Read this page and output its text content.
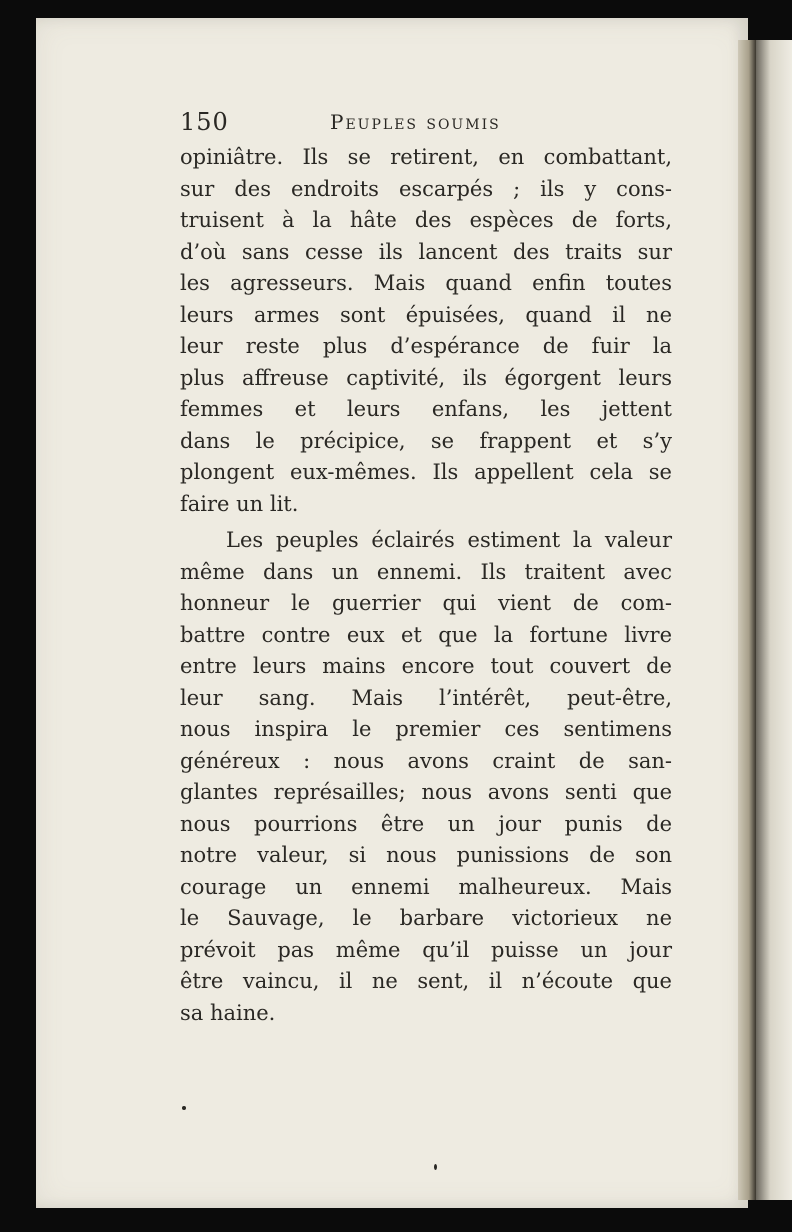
150	Peuples soumis
opiniâtre. Ils se retirent, en combattant,
sur des endroits escarpés ; ils y cons-
truisent à la hâte des espèces de forts,
d’où sans cesse ils lancent des traits sur
les agresseurs. Mais quand enfin toutes
leurs armes sont épuisées, quand il ne
leur reste plus d’espérance de fuir la
plus affreuse captivité, ils égorgent leurs
femmes et leurs enfans, les jettent
dans le précipice, se frappent et s’y
plongent eux-mêmes. Ils appellent cela se
faire un lit.
Les peuples éclairés estiment la valeur
même dans un ennemi. Ils traitent avec
honneur le guerrier qui vient de com-
battre contre eux et que la fortune livre
entre leurs mains encore tout couvert de
leur sang. Mais l’intérêt, peut-être,
nous inspira le premier ces sentimens
généreux : nous avons craint de san-
glantes représailles; nous avons senti que
nous pourrions être un jour punis de
notre valeur, si nous punissions de son
courage un ennemi malheureux. Mais
le Sauvage, le barbare victorieux ne
prévoit pas même qu’il puisse un jour
être vaincu, il ne sent, il n’écoute que
sa haine.
